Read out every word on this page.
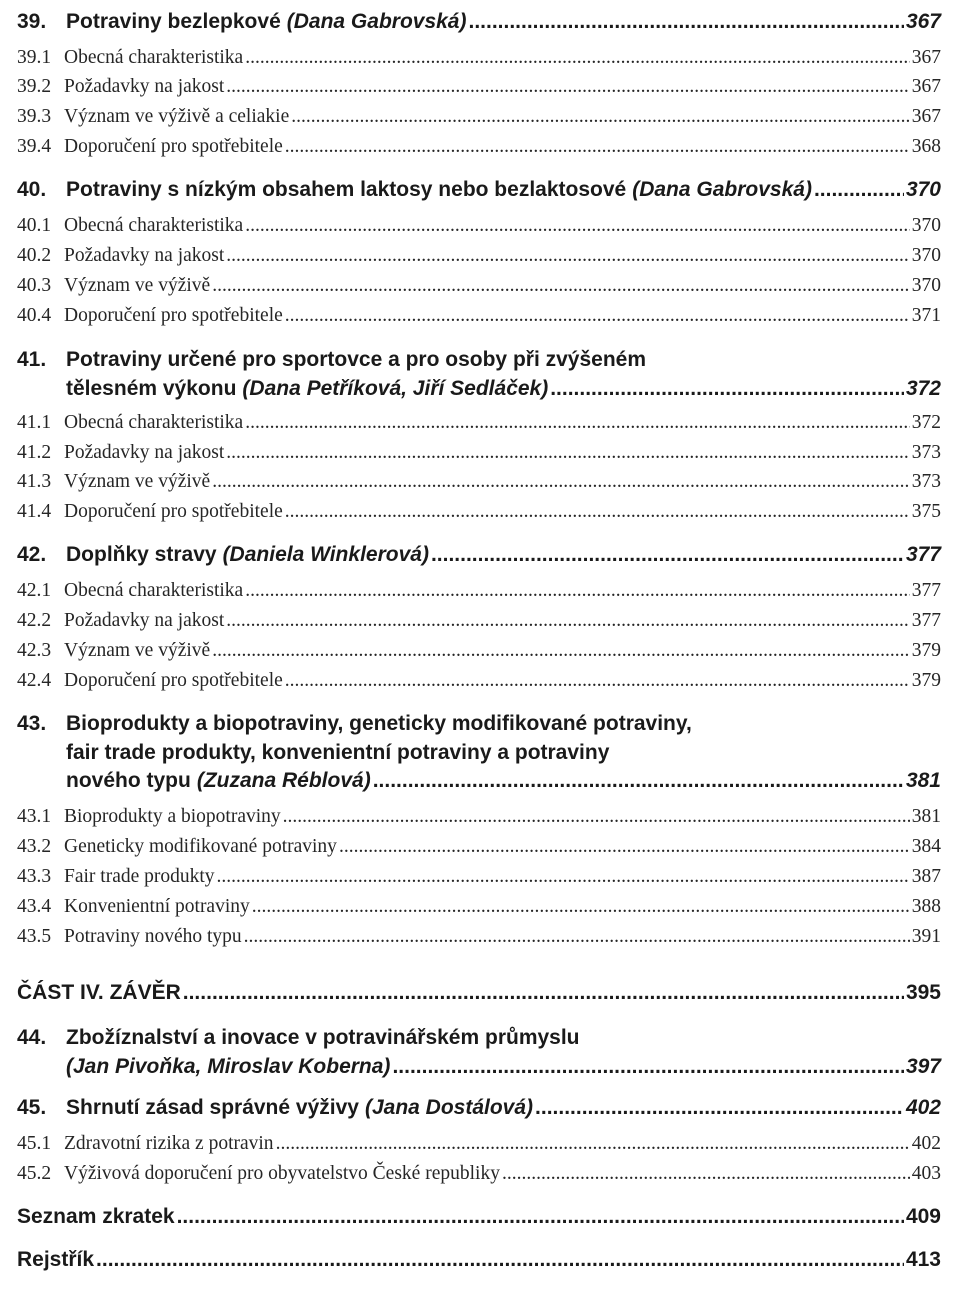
39. Potraviny bezlepkové (Dana Gabrovská) .....	367
39.1 Obecná charakteristika .....	367
39.2 Požadavky na jakost .....	367
39.3 Význam ve výživě a celiakie .....	367
39.4 Doporučení pro spotřebitele .....	368
40. Potraviny s nízkým obsahem laktosy nebo bezlaktosové (Dana Gabrovská) .....	370
40.1 Obecná charakteristika .....	370
40.2 Požadavky na jakost .....	370
40.3 Význam ve výživě .....	370
40.4 Doporučení pro spotřebitele .....	371
41. Potraviny určené pro sportovce a pro osoby při zvýšeném
tělesném výkonu (Dana Petříková, Jiří Sedláček) .....	372
41.1 Obecná charakteristika .....	372
41.2 Požadavky na jakost .....	373
41.3 Význam ve výživě .....	373
41.4 Doporučení pro spotřebitele .....	375
42. Doplňky stravy (Daniela Winklerová) .....	377
42.1 Obecná charakteristika .....	377
42.2 Požadavky na jakost .....	377
42.3 Význam ve výživě .....	379
42.4 Doporučení pro spotřebitele .....	379
43. Bioprodukty a biopotraviny, geneticky modifikované potraviny,
fair trade produkty, konvenientní potraviny a potraviny
nového typu (Zuzana Réblová) .....	381
43.1 Bioprodukty a biopotraviny .....	381
43.2 Geneticky modifikované potraviny .....	384
43.3 Fair trade produkty .....	387
43.4 Konvenientní potraviny .....	388
43.5 Potraviny nového typu .....	391
ČÁST IV. ZÁVĚR .....	395
44. Zbožíznalství a inovace v potravinářském průmyslu
(Jan Pivoňka, Miroslav Koberna) .....	397
45. Shrnutí zásad správné výživy (Jana Dostálová) .....	402
45.1 Zdravotní rizika z potravin .....	402
45.2 Výživová doporučení pro obyvatelstvo České republiky .....	403
Seznam zkratek .....	409
Rejstřík .....	413
